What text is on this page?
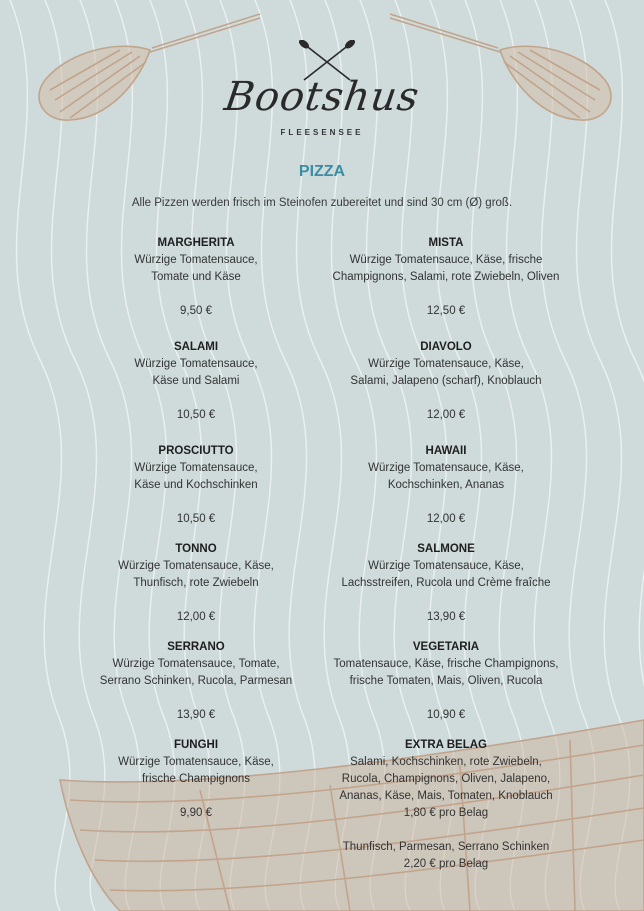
Bootshus
FLEESENSEE
PIZZA
Alle Pizzen werden frisch im Steinofen zubereitet und sind 30 cm (Ø) groß.
MARGHERITA
Würzige Tomatensauce,
Tomate und Käse
9,50 €
SALAMI
Würzige Tomatensauce,
Käse und Salami
10,50 €
PROSCIUTTO
Würzige Tomatensauce,
Käse und Kochschinken
10,50 €
TONNO
Würzige Tomatensauce, Käse,
Thunfisch, rote Zwiebeln
12,00 €
SERRANO
Würzige Tomatensauce, Tomate,
Serrano Schinken, Rucola, Parmesan
13,90 €
FUNGHI
Würzige Tomatensauce, Käse,
frische Champignons
9,90 €
MISTA
Würzige Tomatensauce, Käse, frische
Champignons, Salami, rote Zwiebeln, Oliven
12,50 €
DIAVOLO
Würzige Tomatensauce, Käse,
Salami, Jalapeno (scharf), Knoblauch
12,00 €
HAWAII
Würzige Tomatensauce, Käse,
Kochschinken, Ananas
12,00 €
SALMONE
Würzige Tomatensauce, Käse,
Lachsstreifen, Rucola und Crème fraîche
13,90 €
VEGETARIA
Tomatensauce, Käse, frische Champignons,
frische Tomaten, Mais, Oliven, Rucola
10,90 €
EXTRA BELAG
Salami, Kochschinken, rote Zwiebeln,
Rucola, Champignons, Oliven, Jalapeno,
Ananas, Käse, Mais, Tomaten, Knoblauch
1,80 € pro Belag
Thunfisch, Parmesan, Serrano Schinken
2,20 € pro Belag
